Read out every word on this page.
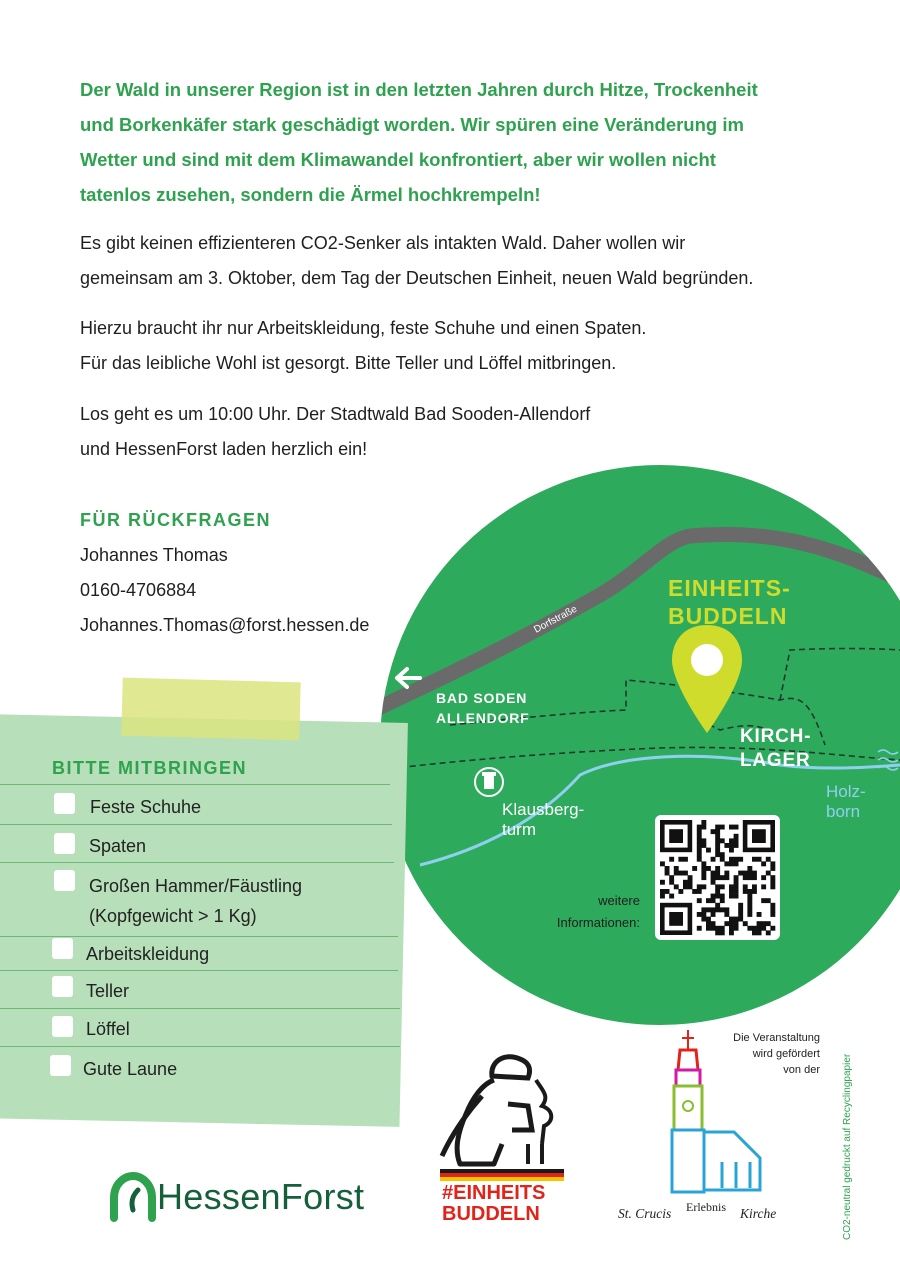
Der Wald in unserer Region ist in den letzten Jahren durch Hitze, Trockenheit
und Borkenkäfer stark geschädigt worden. Wir spüren eine Veränderung im
Wetter und sind mit dem Klimawandel konfrontiert, aber wir wollen nicht
tatenlos zusehen, sondern die Ärmel hochkrempeln!
Es gibt keinen effizienteren CO2-Senker als intakten Wald. Daher wollen wir
gemeinsam am 3. Oktober, dem Tag der Deutschen Einheit, neuen Wald begründen.
Hierzu braucht ihr nur Arbeitskleidung, feste Schuhe und einen Spaten.
Für das leibliche Wohl ist gesorgt. Bitte Teller und Löffel mitbringen.
Los geht es um 10:00 Uhr. Der Stadtwald Bad Sooden-Allendorf
und HessenForst laden herzlich ein!
Dorfstraße
EINHEITS-
BUDDELN
BAD SODEN
ALLENDORF
KIRCH-
LAGER
Holz-
born
Klausberg-
turm
weitere
Informationen:
FÜR RÜCKFRAGEN
Johannes Thomas
0160-4706884
Johannes.Thomas@forst.hessen.de
BITTE MITBRINGEN
Feste Schuhe
Spaten
Großen Hammer/Fäustling
(Kopfgewicht > 1 Kg)
Arbeitskleidung
Teller
Löffel
Gute Laune
HessenForst	#EINHEITS
BUDDELN
Die Veranstaltung
wird gefördert
von der
St. Crucis Erlebnis Kirche	CO2-neutral gedruckt auf Recyclingpapier
